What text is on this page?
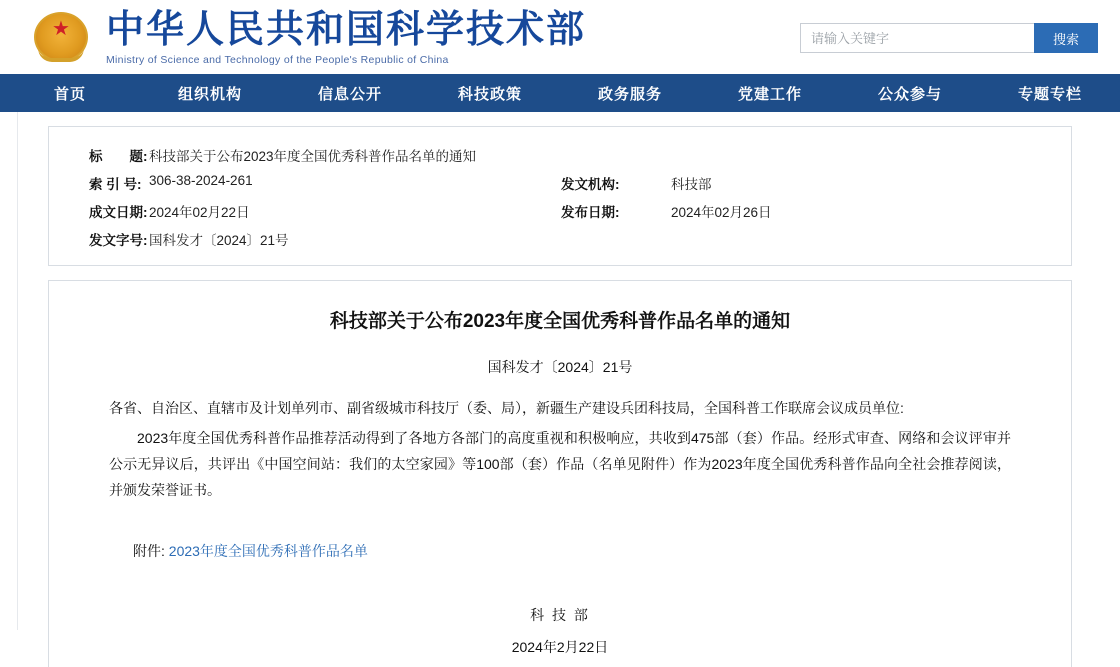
★ 中华人民共和国科学技术部
Ministry of Science and Technology of the People's Republic of China
请输入关键字
搜索
首页	组织机构	信息公开	科技政策	政务服务	党建工作	公众参与	专题专栏
标　　题:	科技部关于公布2023年度全国优秀科普作品名单的通知		
索 引 号:	306-38-2024-261	发文机构:	科技部
成文日期:	2024年02月22日	发布日期:	2024年02月26日
发文字号:	国科发才〔2024〕21号		
科技部关于公布2023年度全国优秀科普作品名单的通知
国科发才〔2024〕21号
各省、自治区、直辖市及计划单列市、副省级城市科技厅（委、局），新疆生产建设兵团科技局，全国科普工作联席会议成员单位:
2023年度全国优秀科普作品推荐活动得到了各地方各部门的高度重视和积极响应，共收到475部（套）作品。经形式审查、网络和会议评审并公示无异议后，共评出《中国空间站：我们的太空家园》等100部（套）作品（名单见附件）作为2023年度全国优秀科普作品向全社会推荐阅读，并颁发荣誉证书。
附件: 2023年度全国优秀科普作品名单
科 技 部
2024年2月22日
